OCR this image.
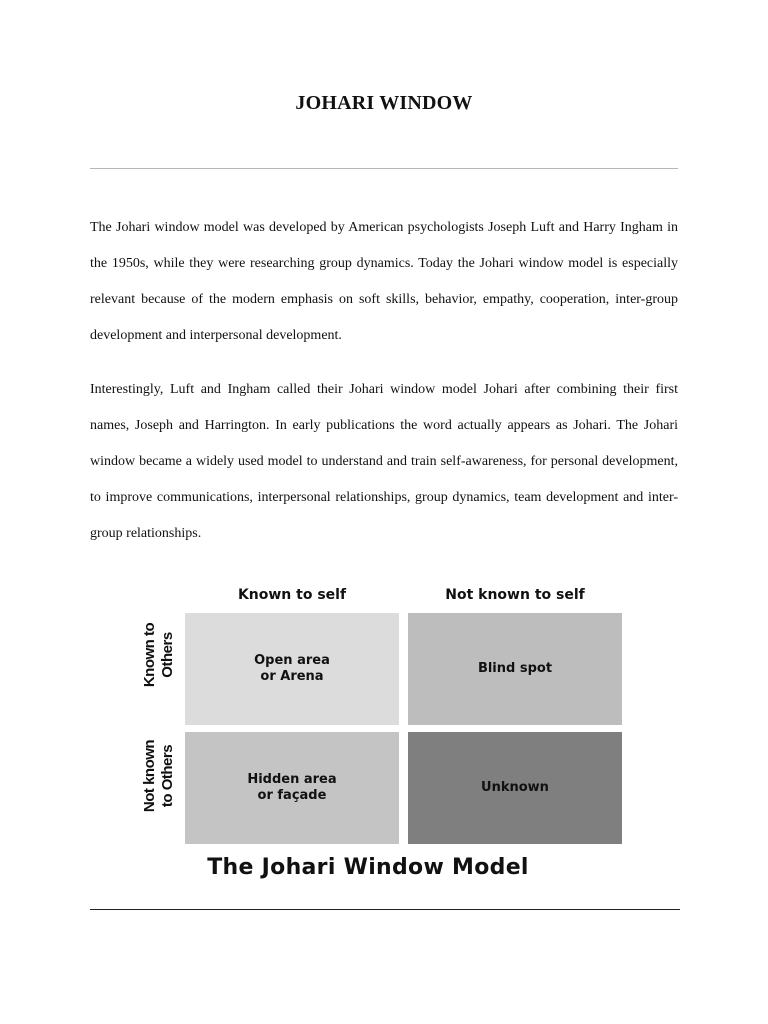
JOHARI WINDOW

The Johari window model was developed by American psychologists Joseph Luft and Harry Ingham in the 1950s, while they were researching group dynamics. Today the Johari window model is especially relevant because of the modern emphasis on soft skills, behavior, empathy, cooperation, inter-group development and interpersonal development.

Interestingly, Luft and Ingham called their Johari window model Johari after combining their first names, Joseph and Harrington. In early publications the word actually appears as Johari. The Johari window became a widely used model to understand and train self-awareness, for personal development, to improve communications, interpersonal relationships, group dynamics, team development and inter-group relationships.

Known to self	Not known to self
Known to Others
Not known to Others
Open area
or Arena
Blind spot
Hidden area
or façade
Unknown
The Johari Window Model
